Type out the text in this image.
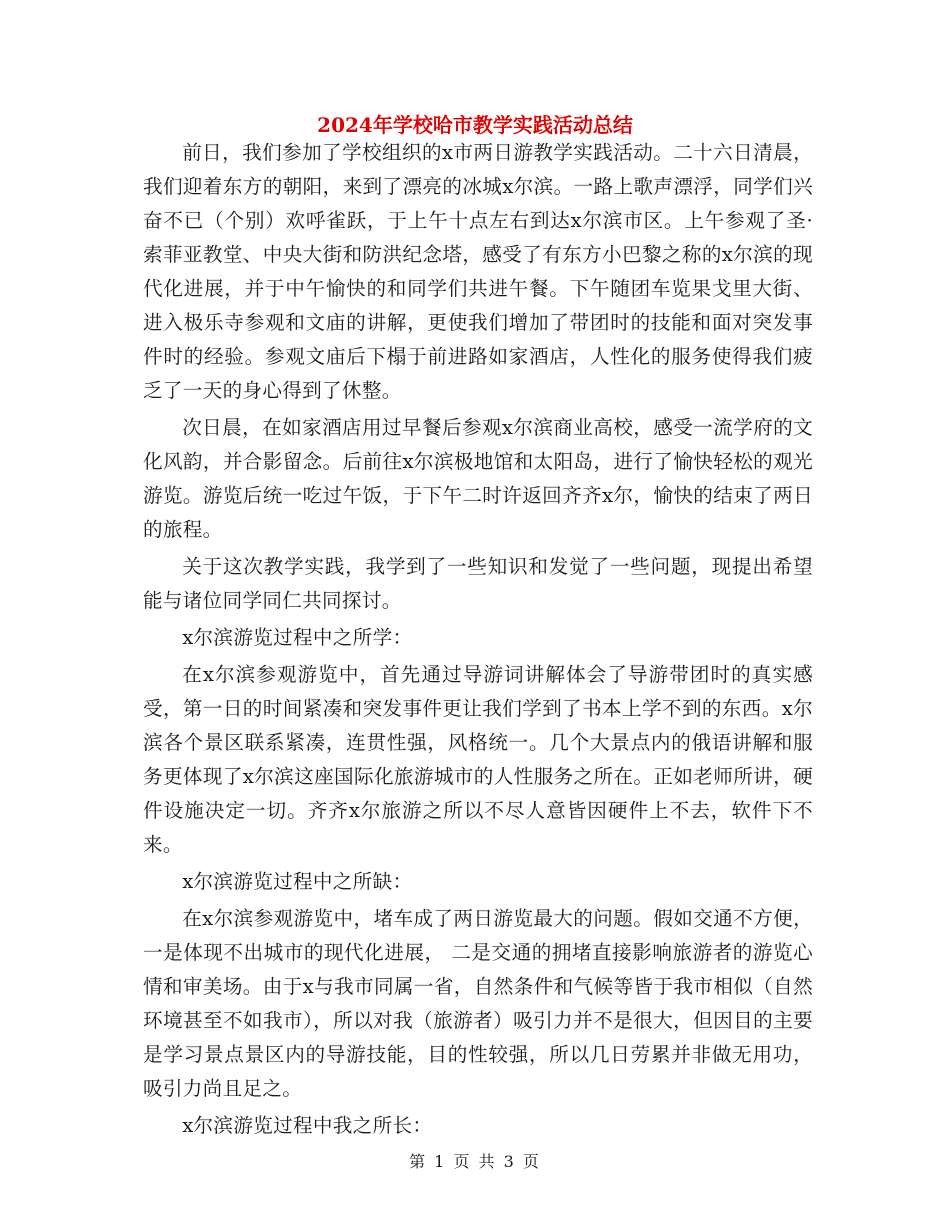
2024年学校哈市教学实践活动总结

前日，我们参加了学校组织的x市两日游教学实践活动。二十六日清晨，我们迎着东方的朝阳，来到了漂亮的冰城x尔滨。一路上歌声漂浮，同学们兴奋不已（个别）欢呼雀跃，于上午十点左右到达x尔滨市区。上午参观了圣·索菲亚教堂、中央大街和防洪纪念塔，感受了有东方小巴黎之称的x尔滨的现代化进展，并于中午愉快的和同学们共进午餐。下午随团车览果戈里大街、进入极乐寺参观和文庙的讲解，更使我们增加了带团时的技能和面对突发事件时的经验。参观文庙后下榻于前进路如家酒店，人性化的服务使得我们疲乏了一天的身心得到了休整。

次日晨，在如家酒店用过早餐后参观x尔滨商业高校，感受一流学府的文化风韵，并合影留念。后前往x尔滨极地馆和太阳岛，进行了愉快轻松的观光游览。游览后统一吃过午饭，于下午二时许返回齐齐x尔，愉快的结束了两日的旅程。

关于这次教学实践，我学到了一些知识和发觉了一些问题，现提出希望能与诸位同学同仁共同探讨。

x尔滨游览过程中之所学：

在x尔滨参观游览中，首先通过导游词讲解体会了导游带团时的真实感受，第一日的时间紧凑和突发事件更让我们学到了书本上学不到的东西。x尔滨各个景区联系紧凑，连贯性强，风格统一。几个大景点内的俄语讲解和服务更体现了x尔滨这座国际化旅游城市的人性服务之所在。正如老师所讲，硬件设施决定一切。齐齐x尔旅游之所以不尽人意皆因硬件上不去，软件下不来。

x尔滨游览过程中之所缺：

在x尔滨参观游览中，堵车成了两日游览最大的问题。假如交通不方便，一是体现不出城市的现代化进展， 二是交通的拥堵直接影响旅游者的游览心情和审美场。由于x与我市同属一省，自然条件和气候等皆于我市相似（自然环境甚至不如我市），所以对我（旅游者）吸引力并不是很大，但因目的主要是学习景点景区内的导游技能，目的性较强，所以几日劳累并非做无用功，吸引力尚且足之。

x尔滨游览过程中我之所长：

第 1 页 共 3 页
